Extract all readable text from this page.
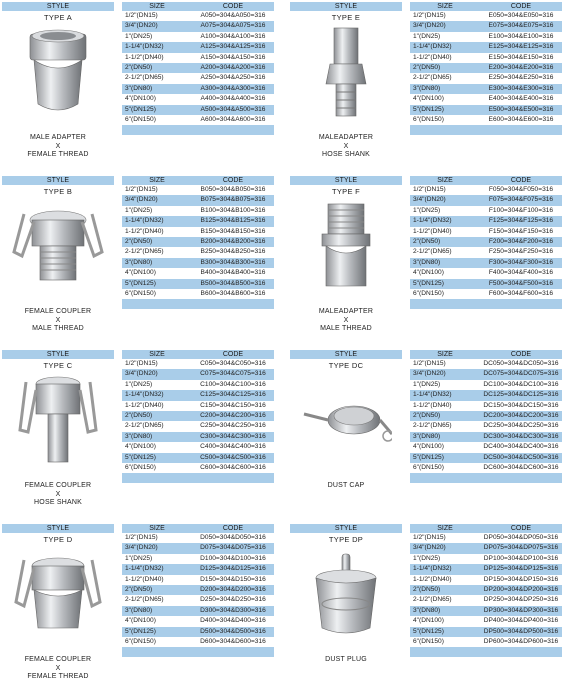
STYLE
TYPE A
MALE ADAPTER
X
FEMALE THREAD
SIZE	CODE
1/2"(DN15)	A050=304&A050=316
3/4"(DN20)	A075=304&A075=316
1"(DN25)	A100=304&A100=316
1-1/4"(DN32)	A125=304&A125=316
1-1/2"(DN40)	A150=304&A150=316
2"(DN50)	A200=304&A200=316
2-1/2"(DN65)	A250=304&A250=316
3"(DN80)	A300=304&A300=316
4"(DN100)	A400=304&A400=316
5"(DN125)	A500=304&A500=316
6"(DN150)	A600=304&A600=316
STYLE
TYPE E
MALEADAPTER
X
HOSE SHANK
SIZE	CODE
1/2"(DN15)	E050=304&E050=316
3/4"(DN20)	E075=304&E075=316
1"(DN25)	E100=304&E100=316
1-1/4"(DN32)	E125=304&E125=316
1-1/2"(DN40)	E150=304&E150=316
2"(DN50)	E200=304&E200=316
2-1/2"(DN65)	E250=304&E250=316
3"(DN80)	E300=304&E300=316
4"(DN100)	E400=304&E400=316
5"(DN125)	E500=304&E500=316
6"(DN150)	E600=304&E600=316
STYLE
TYPE B
FEMALE COUPLER
X
MALE THREAD
SIZE	CODE
1/2"(DN15)	B050=304&B050=316
3/4"(DN20)	B075=304&B075=316
1"(DN25)	B100=304&B100=316
1-1/4"(DN32)	B125=304&B125=316
1-1/2"(DN40)	B150=304&B150=316
2"(DN50)	B200=304&B200=316
2-1/2"(DN65)	B250=304&B250=316
3"(DN80)	B300=304&B300=316
4"(DN100)	B400=304&B400=316
5"(DN125)	B500=304&B500=316
6"(DN150)	B600=304&B600=316
STYLE
TYPE F
MALEADAPTER
X
MALE THREAD
SIZE	CODE
1/2"(DN15)	F050=304&F050=316
3/4"(DN20)	F075=304&F075=316
1"(DN25)	F100=304&F100=316
1-1/4"(DN32)	F125=304&F125=316
1-1/2"(DN40)	F150=304&F150=316
2"(DN50)	F200=304&F200=316
2-1/2"(DN65)	F250=304&F250=316
3"(DN80)	F300=304&F300=316
4"(DN100)	F400=304&F400=316
5"(DN125)	F500=304&F500=316
6"(DN150)	F600=304&F600=316
STYLE
TYPE C
FEMALE COUPLER
X
HOSE SHANK
SIZE	CODE
1/2"(DN15)	C050=304&C050=316
3/4"(DN20)	C075=304&C075=316
1"(DN25)	C100=304&C100=316
1-1/4"(DN32)	C125=304&C125=316
1-1/2"(DN40)	C150=304&C150=316
2"(DN50)	C200=304&C200=316
2-1/2"(DN65)	C250=304&C250=316
3"(DN80)	C300=304&C300=316
4"(DN100)	C400=304&C400=316
5"(DN125)	C500=304&C500=316
6"(DN150)	C600=304&C600=316
STYLE
TYPE DC
DUST CAP
SIZE	CODE
1/2"(DN15)	DC050=304&DC050=316
3/4"(DN20)	DC075=304&DC075=316
1"(DN25)	DC100=304&DC100=316
1-1/4"(DN32)	DC125=304&DC125=316
1-1/2"(DN40)	DC150=304&DC150=316
2"(DN50)	DC200=304&DC200=316
2-1/2"(DN65)	DC250=304&DC250=316
3"(DN80)	DC300=304&DC300=316
4"(DN100)	DC400=304&DC400=316
5"(DN125)	DC500=304&DC500=316
6"(DN150)	DC600=304&DC600=316
STYLE
TYPE D
FEMALE COUPLER
X
FEMALE THREAD
SIZE	CODE
1/2"(DN15)	D050=304&D050=316
3/4"(DN20)	D075=304&D075=316
1"(DN25)	D100=304&D100=316
1-1/4"(DN32)	D125=304&D125=316
1-1/2"(DN40)	D150=304&D150=316
2"(DN50)	D200=304&D200=316
2-1/2"(DN65)	D250=304&D250=316
3"(DN80)	D300=304&D300=316
4"(DN100)	D400=304&D400=316
5"(DN125)	D500=304&D500=316
6"(DN150)	D600=304&D600=316
STYLE
TYPE DP
DUST PLUG
SIZE	CODE
1/2"(DN15)	DP050=304&DP050=316
3/4"(DN20)	DP075=304&DP075=316
1"(DN25)	DP100=304&DP100=316
1-1/4"(DN32)	DP125=304&DP125=316
1-1/2"(DN40)	DP150=304&DP150=316
2"(DN50)	DP200=304&DP200=316
2-1/2"(DN65)	DP250=304&DP250=316
3"(DN80)	DP300=304&DP300=316
4"(DN100)	DP400=304&DP400=316
5"(DN125)	DP500=304&DP500=316
6"(DN150)	DP600=304&DP600=316
